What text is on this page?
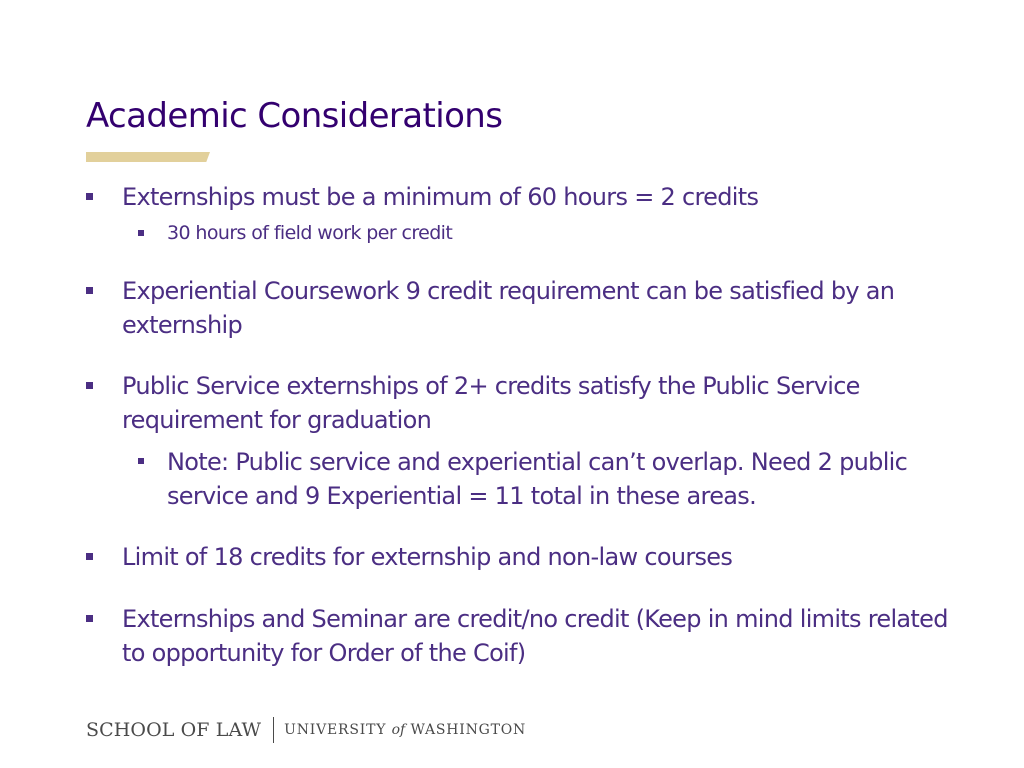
Academic Considerations
Externships must be a minimum of 60 hours = 2 credits
30 hours of field work per credit
Experiential Coursework 9 credit requirement can be satisfied by an externship
Public Service externships of 2+ credits satisfy the Public Service requirement for graduation
Note: Public service and experiential can’t overlap. Need 2 public service and 9 Experiential = 11 total in these areas.
Limit of 18 credits for externship and non-law courses
Externships and Seminar are credit/no credit (Keep in mind limits related to opportunity for Order of the Coif)
SCHOOL OF LAW UNIVERSITY of WASHINGTON
